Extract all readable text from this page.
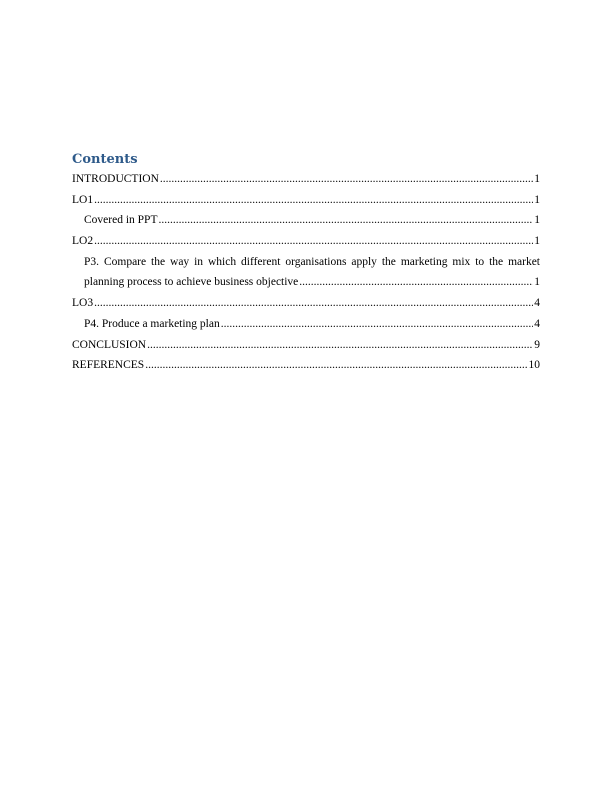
Contents
INTRODUCTION .....	1
LO1 .....	1
Covered in PPT .....	1
LO2 .....	1
P3. Compare the way in which different organisations apply the marketing mix to the market
planning process to achieve business objective .....	1
LO3 .....	4
P4. Produce a marketing plan .....	4
CONCLUSION .....	9
REFERENCES .....	10
